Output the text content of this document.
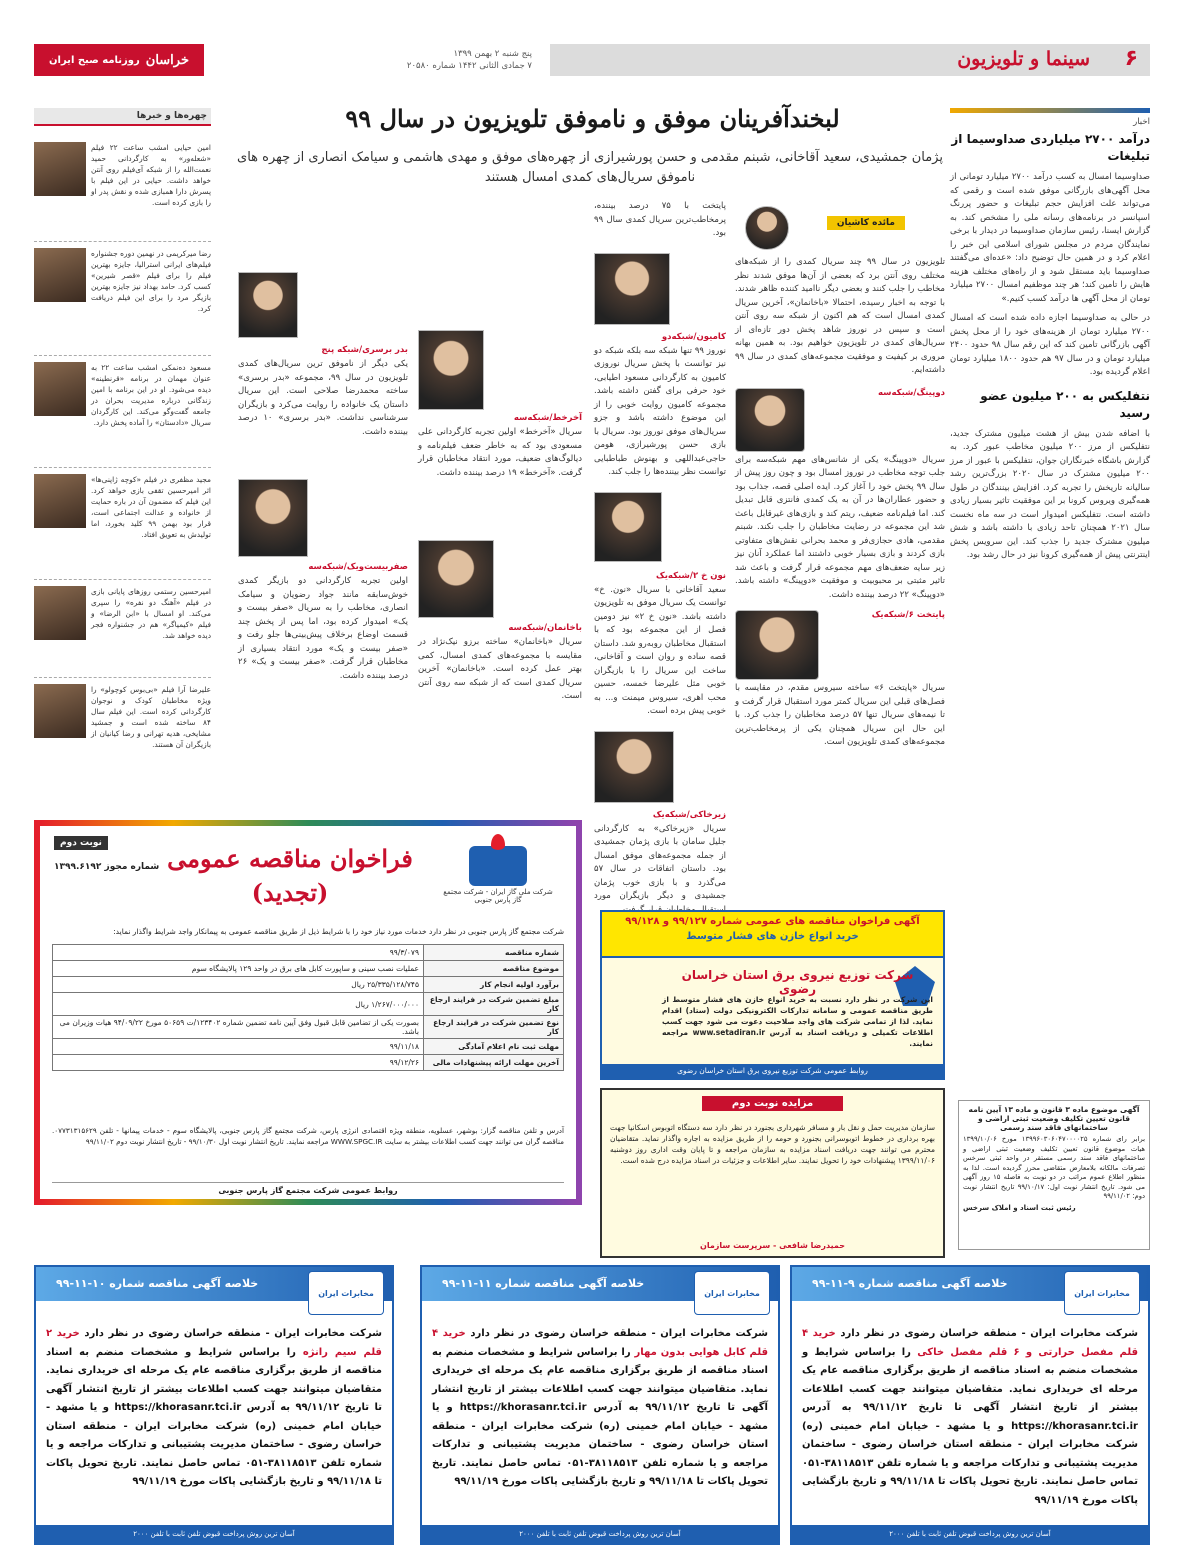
خراسان
روزنامه صبح ایران
پنج شنبه ۲ بهمن ۱۳۹۹
۷ جمادی الثانی ۱۴۴۲ شماره ۲۰۵۸۰	۶
سینما و تلویزیون
لبخندآفرینان موفق و ناموفق تلویزیون در سال ۹۹
پژمان جمشیدی، سعید آقاخانی، شبنم مقدمی و حسن پورشیرازی از چهره‌های موفق و مهدی هاشمی و سیامک انصاری از چهره های ناموفق سریال‌های کمدی امسال هستند
مائده کاشیان

تلویزیون در سال ۹۹ چند سریال کمدی را از شبکه‌های مختلف روی آنتن برد که بعضی از آن‌ها موفق شدند نظر مخاطب را جلب کنند و بعضی دیگر ناامید کننده ظاهر شدند. با توجه به اخبار رسیده، احتمالا «باخانمان»، آخرین سریال کمدی امسال است که هم اکنون از شبکه سه روی آنتن است و سپس در نوروز شاهد پخش دور تازه‌ای از سریال‌های کمدی در تلویزیون خواهیم بود. به همین بهانه مروری بر کیفیت و موفقیت مجموعه‌های کمدی در سال ۹۹ داشته‌ایم.

دوپینگ/شبکه‌سه

سریال «دوپینگ» یکی از شانس‌های مهم شبکه‌سه برای جلب توجه مخاطب در نوروز امسال بود و چون روز پیش از سال ۹۹ پخش خود را آغاز کرد. ایده اصلی قصه، جذاب بود و حضور عطاران‌ها در آن به یک کمدی فانتزی قابل تبدیل کند. اما فیلم‌نامه ضعیف، ریتم کند و بازی‌های غیرقابل باعث شد این مجموعه در رضایت مخاطبان را جلب نکند. شبنم مقدمی، هادی حجازی‌فر و محمد بحرانی نقش‌های متفاوتی بازی کردند و بازی بسیار خوبی داشتند اما عملکرد آنان نیز زیر سایه ضعف‌های مهم مجموعه قرار گرفت و باعث شد تاثیر مثبتی بر محبوبیت و موفقیت «دوپینگ» داشته باشد. «دوپینگ» ۲۲ درصد بیننده داشت.

پایتخت ۶/شبکه‌یک

سریال «پایتخت ۶» ساخته سیروس مقدم، در مقایسه با فصل‌های قبلی این سریال کمتر مورد استقبال قرار گرفت و تا نیمه‌های سریال تنها ۵۷ درصد مخاطبان را جذب کرد. با این حال این سریال همچنان یکی از پرمخاطب‌ترین مجموعه‌های کمدی تلویزیون است.

پایتخت با ۷۵ درصد بیننده، پرمخاطب‌ترین سریال کمدی سال ۹۹ بود.

کامیون/شبکه‌دو

نوروز ۹۹ تنها شبکه سه بلکه شبکه دو نیز توانست با پخش سریال نوروزی کامیون به کارگردانی مسعود اطیابی، خود حرفی برای گفتن داشته باشد. مجموعه کامیون روایت خوبی را از این موضوع داشته باشد و جزو سریال‌های موفق نوروز بود. سریال با بازی حسن پورشیرازی، هومن حاجی‌عبداللهی و بهنوش طباطبایی توانست نظر بیننده‌ها را جلب کند.

نون خ ۲/شبکه‌یک

سعید آقاخانی با سریال «نون. خ» توانست یک سریال موفق به تلویزیون داشته باشد. «نون خ ۲» نیز دومین فصل از این مجموعه بود که با استقبال مخاطبان روبه‌رو شد. داستان قصه ساده و روان است و آقاخانی، ساخت این سریال را با بازیگران خوبی مثل علیرضا خمسه، حسین محب اهری، سیروس میمنت و... به خوبی پیش برده است.

زیرخاکی/شبکه‌یک

سریال «زیرخاکی» به کارگردانی جلیل سامان با بازی پژمان جمشیدی از جمله مجموعه‌های موفق امسال بود. داستان اتفاقات در سال ۵۷ می‌گذرد و با بازی خوب پژمان جمشیدی و دیگر بازیگران مورد

آخرخط/شبکه‌سه

سریال «آخرخط» اولین تجربه کارگردانی علی مسعودی بود که به خاطر ضعف فیلم‌نامه و دیالوگ‌های ضعیف، مورد انتقاد مخاطبان قرار گرفت. «آخرخط» ۱۹ درصد بیننده داشت.

باخانمان/شبکه‌سه

سریال «باخانمان» ساخته برزو نیک‌نژاد در مقایسه با مجموعه‌های کمدی امسال، کمی بهتر عمل کرده است. «باخانمان» آخرین سریال کمدی است که از شبکه سه روی آنتن است.

بدر برسری/شبکه پنج

یکی دیگر از ناموفق ترین سریال‌های کمدی تلویزیون در سال ۹۹، مجموعه «بدر برسری» ساخته محمدرضا صلاحی است. این سریال داستان یک خانواده را روایت می‌کرد و بازیگران سرشناسی نداشت. «بدر برسری» ۱۰ درصد بیننده داشت.

صفربیست‌ویک/شبکه‌سه

اولین تجربه کارگردانی دو بازیگر کمدی خوش‌سابقه مانند جواد رضویان و سیامک انصاری، مخاطب را به سریال «صفر بیست و یک» امیدوار کرده بود، اما پس از پخش چند قسمت اوضاع برخلاف پیش‌بینی‌ها جلو رفت و «صفر بیست و یک» مورد انتقاد بسیاری از مخاطبان قرار گرفت. «صفر بیست و یک» ۲۶ درصد بیننده داشت.

چهره‌ها و خبرها

امین حیایی امشب ساعت ۲۲ فیلم «شعله‌ور» به کارگردانی حمید نعمت‌الله را از شبکه آی‌فیلم روی آنتن خواهد داشت. حیایی در این فیلم با پسرش دارا همبازی شده و نقش پدر او را بازی کرده است.

رضا میرکریمی در نهمین دوره جشنواره فیلم‌های ایرانی استرالیا، جایزه بهترین فیلم را برای فیلم «قصر شیرین» کسب کرد. حامد بهداد نیز جایزه بهترین بازیگر مرد را برای این فیلم دریافت کرد.

مسعود ده‌نمکی امشب ساعت ۲۲ به عنوان مهمان در برنامه «قرنطینه» دیده می‌شود. او در این برنامه با امین زندگانی درباره مدیریت بحران در جامعه گفت‌وگو می‌کند. این کارگردان سریال «دادستان» را آماده پخش دارد.

مجید مظفری در فیلم «کوچه ژاپنی‌ها» اثر امیرحسین تقفی بازی خواهد کرد. این فیلم که مضمون آن در باره حمایت از خانواده و عدالت اجتماعی است، قرار بود بهمن ۹۹ کلید بخورد، اما تولیدش به تعویق افتاد.

امیرحسین رستمی روزهای پایانی بازی در فیلم «آهنگ دو نفره» را سپری می‌کند. او امسال با «ابن الرضا» و فیلم «کیمیاگر» هم در جشنواره فجر دیده خواهد شد.

علیرضا آرا فیلم «بی‌بوس کوچولو» را ویژه مخاطبان کودک و نوجوان کارگردانی کرده است. این فیلم سال ۸۴ ساخته شده است و جمشید مشایخی، هدیه تهرانی و رضا کیانیان از بازیگران آن هستند.

اخبار
درآمد ۲۷۰۰ میلیاردی صداوسیما از تبلیغات

صداوسیما امسال به کسب درآمد ۲۷۰۰ میلیارد تومانی از محل آگهی‌های بازرگانی موفق شده است و رقمی که می‌تواند علت افزایش حجم تبلیغات و حضور پررنگ اسپانسر در برنامه‌های رسانه ملی را مشخص کند. به گزارش ایسنا، رئیس سازمان صداوسیما در دیدار با برخی نمایندگان مردم در مجلس شورای اسلامی این خبر را اعلام کرد و در همین حال توضیح داد: «عده‌ای می‌گفتند صداوسیما باید مستقل شود و از راه‌های مختلف هزینه هایش را تامین کند؛ هر چند موظفیم امسال ۲۷۰۰ میلیارد تومان از محل آگهی ها درآمد کسب کنیم.»

در حالی به صداوسیما اجازه داده شده است که امسال ۲۷۰۰ میلیارد تومان از هزینه‌های خود را از محل پخش آگهی بازرگانی تامین کند که این رقم سال ۹۸ حدود ۲۴۰۰ میلیارد تومان و در سال ۹۷ هم حدود ۱۸۰۰ میلیارد تومان اعلام گردیده بود.

نتفلیکس به ۲۰۰ میلیون عضو رسید

با اضافه شدن بیش از هشت میلیون مشترک جدید، نتفلیکس از مرز ۲۰۰ میلیون مخاطب عبور کرد. به گزارش باشگاه خبرنگاران جوان، نتفلیکس با عبور از مرز ۲۰۰ میلیون مشترک در سال ۲۰۲۰ بزرگ‌ترین رشد سالیانه تاریخش را تجربه کرد. افزایش بینندگان در طول همه‌گیری ویروس کرونا بر این موفقیت تاثیر بسیار زیادی داشته است. نتفلیکس امیدوار است در سه ماه نخست سال ۲۰۲۱ همچنان تاحد زیادی با داشته باشد و شش میلیون مشترک جدید را جذب کند. این سرویس پخش اینترنتی پیش از همه‌گیری کرونا نیز در حال رشد بود.

نوبت دوم
شماره مجوز ۱۳۹۹.۶۱۹۲ فراخوان مناقصه عمومی (تجدید)	شرکت ملی گاز ایران - شرکت مجتمع گاز پارس جنوبی

شرکت مجتمع گاز پارس جنوبی در نظر دارد خدمات مورد نیاز خود را با شرایط ذیل از طریق مناقصه عمومی به پیمانکار واجد شرایط واگذار نماید:

شماره مناقصه	۹۹/۳/۰۷۹
موضوع مناقصه	عملیات نصب سینی و ساپورت کابل های برق در واحد ۱۲۹ پالایشگاه سوم
برآورد اولیه انجام کار	۲۵/۳۳۵/۱۲۸/۷۴۵ ریال
مبلغ تضمین شرکت در فرایند ارجاع کار	۱/۲۶۷/۰۰۰/۰۰۰ ریال
نوع تضمین شرکت در فرایند ارجاع کار	بصورت یکی از تضامین قابل قبول وفق آیین نامه تضمین شماره ۱۲۳۴۰۲/ت ۵۰۶۵۹ مورخ ۹۴/۰۹/۲۲ هیات وزیران می باشد.
مهلت ثبت نام اعلام آمادگی	۹۹/۱۱/۱۸
آخرین مهلت ارائه پیشنهادات مالی	۹۹/۱۲/۲۶

آدرس و تلفن مناقصه گزار: بوشهر، عسلویه، منطقه ویژه اقتصادی انرژی پارس، شرکت مجتمع گاز پارس جنوبی، پالایشگاه سوم - خدمات پیمانها - تلفن ۰۷۷۳۱۳۱۵۶۲۹. مناقصه گران می توانند جهت کسب اطلاعات بیشتر به سایت WWW.SPGC.IR مراجعه نمایند. تاریخ انتشار نوبت اول ۹۹/۱۰/۳۰ - تاریخ انتشار نوبت دوم ۹۹/۱۱/۰۲

روابط عمومی شرکت مجتمع گاز پارس جنوبی
آگهی فراخوان مناقصه های عمومی شماره ۹۹/۱۲۷ و ۹۹/۱۲۸
خرید انواع خازن های فشار متوسط
شرکت توزیع نیروی برق استان خراسان رضوی

این شرکت در نظر دارد نسبت به خرید انواع خازن های فشار متوسط از طریق مناقصه عمومی و سامانه تدارکات الکترونیکی دولت (ستاد) اقدام نماید. لذا از تمامی شرکت های واجد صلاحیت دعوت می شود جهت کسب اطلاعات تکمیلی و دریافت اسناد به آدرس www.setadiran.ir مراجعه نمایند.

روابط عمومی شرکت توزیع نیروی برق استان خراسان رضوی
مزایده نوبت دوم

سازمان مدیریت حمل و نقل بار و مسافر شهرداری بجنورد در نظر دارد سه دستگاه اتوبوس اسکانیا جهت بهره برداری در خطوط اتوبوسرانی بجنورد و حومه را از طریق مزایده به اجاره واگذار نماید. متقاضیان محترم می توانند جهت دریافت اسناد مزایده به سازمان مراجعه و تا پایان وقت اداری روز دوشنبه ۱۳۹۹/۱۱/۰۶ پیشنهادات خود را تحویل نمایند. سایر اطلاعات و جزئیات در اسناد مزایده درج شده است.

حمیدرضا شافعی - سرپرست سازمان
آگهی موضوع ماده ۳ قانون و ماده ۱۳ آیین نامه قانون تعیین تکلیف وضعیت ثبتی اراضی و ساختمانهای فاقد سند رسمی

برابر رای شماره ۱۳۹۹۶۰۳۰۶۰۴۷۰۰۰۰۲۵ مورخ ۱۳۹۹/۱۰/۰۶ هیات موضوع قانون تعیین تکلیف وضعیت ثبتی اراضی و ساختمانهای فاقد سند رسمی مستقر در واحد ثبتی سرخس تصرفات مالکانه بلامعارض متقاضی محرز گردیده است. لذا به منظور اطلاع عموم مراتب در دو نوبت به فاصله ۱۵ روز آگهی می شود. تاریخ انتشار نوبت اول: ۹۹/۱۰/۱۷ تاریخ انتشار نوبت دوم: ۹۹/۱۱/۰۲

رئیس ثبت اسناد و املاک سرخس
خلاصه آگهی مناقصه شماره ۹-۱۱-۹۹
مخابرات ایران

شرکت مخابرات ایران - منطقه خراسان رضوی در نظر دارد خرید ۴ قلم مفصل حرارتی و ۶ قلم مفصل خاکی را براساس شرایط و مشخصات منضم به اسناد مناقصه از طریق برگزاری مناقصه عام یک مرحله ای خریداری نماید. متقاضیان میتوانند جهت کسب اطلاعات بیشتر از تاریخ انتشار آگهی تا تاریخ ۹۹/۱۱/۱۲ به آدرس https://khorasanr.tci.ir و یا مشهد - خیابان امام خمینی (ره) شرکت مخابرات ایران - منطقه استان خراسان رضوی - ساختمان مدیریت پشتیبانی و تدارکات مراجعه و یا شماره تلفن ۳۸۱۱۸۵۱۳-۰۵۱ تماس حاصل نمایند. تاریخ تحویل پاکات تا ۹۹/۱۱/۱۸ و تاریخ بازگشایی پاکات مورخ ۹۹/۱۱/۱۹

آسان ترین روش پرداخت قبوض تلفن ثابت با تلفن ۲۰۰۰
خلاصه آگهی مناقصه شماره ۱۱-۱۱-۹۹
مخابرات ایران

شرکت مخابرات ایران - منطقه خراسان رضوی در نظر دارد خرید ۴ قلم کابل هوایی بدون مهار را براساس شرایط و مشخصات منضم به اسناد مناقصه از طریق برگزاری مناقصه عام یک مرحله ای خریداری نماید. متقاضیان میتوانند جهت کسب اطلاعات بیشتر از تاریخ انتشار آگهی تا تاریخ ۹۹/۱۱/۱۲ به آدرس https://khorasanr.tci.ir و یا مشهد - خیابان امام خمینی (ره) شرکت مخابرات ایران - منطقه استان خراسان رضوی - ساختمان مدیریت پشتیبانی و تدارکات مراجعه و یا شماره تلفن ۳۸۱۱۸۵۱۳-۰۵۱ تماس حاصل نمایند. تاریخ تحویل پاکات تا ۹۹/۱۱/۱۸ و تاریخ بازگشایی پاکات مورخ ۹۹/۱۱/۱۹

آسان ترین روش پرداخت قبوض تلفن ثابت با تلفن ۲۰۰۰
خلاصه آگهی مناقصه شماره ۱۰-۱۱-۹۹
مخابرات ایران

شرکت مخابرات ایران - منطقه خراسان رضوی در نظر دارد خرید ۲ قلم سیم رانژه را براساس شرایط و مشخصات منضم به اسناد مناقصه از طریق برگزاری مناقصه عام یک مرحله ای خریداری نماید. متقاضیان میتوانند جهت کسب اطلاعات بیشتر از تاریخ انتشار آگهی تا تاریخ ۹۹/۱۱/۱۲ به آدرس https://khorasanr.tci.ir و یا مشهد - خیابان امام خمینی (ره) شرکت مخابرات ایران - منطقه استان خراسان رضوی - ساختمان مدیریت پشتیبانی و تدارکات مراجعه و یا شماره تلفن ۳۸۱۱۸۵۱۳-۰۵۱ تماس حاصل نمایند. تاریخ تحویل پاکات تا ۹۹/۱۱/۱۸ و تاریخ بازگشایی پاکات مورخ ۹۹/۱۱/۱۹

آسان ترین روش پرداخت قبوض تلفن ثابت با تلفن ۲۰۰۰
